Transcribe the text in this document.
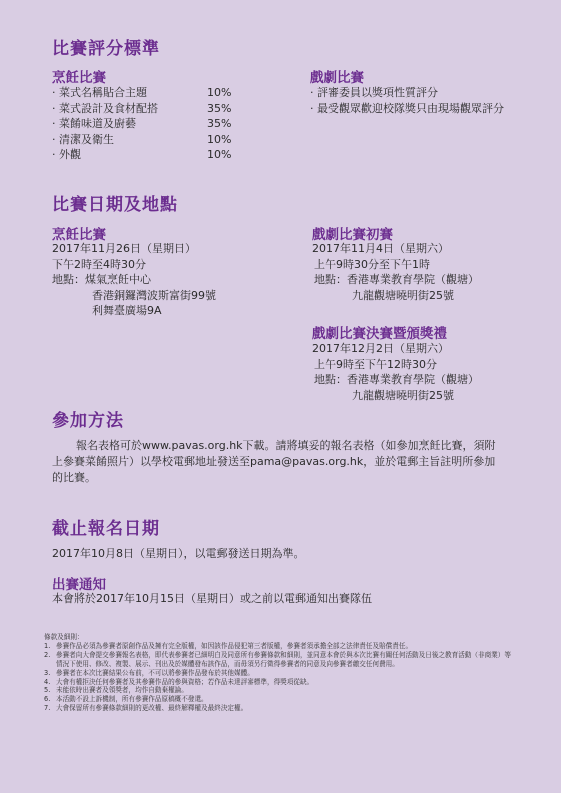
比賽評分標準
烹飪比賽
· 菜式名稱貼合主題	10%
· 菜式設計及食材配搭	35%
· 菜餚味道及廚藝	35%
· 清潔及衛生	10%
· 外觀	10%
戲劇比賽
· 評審委員以獎項性質評分
· 最受觀眾歡迎校隊獎只由現場觀眾評分
比賽日期及地點
烹飪比賽
2017年11月26日（星期日）
下午2時至4時30分
地點：煤氣烹飪中心
香港銅鑼灣波斯富街99號
利舞臺廣場9A
戲劇比賽初賽
2017年11月4日（星期六）
上午9時30分至下午1時
地點：香港專業教育學院（觀塘）
九龍觀塘曉明街25號
戲劇比賽決賽暨頒獎禮
2017年12月2日（星期六）
上午9時至下午12時30分
地點：香港專業教育學院（觀塘）
九龍觀塘曉明街25號
參加方法
報名表格可於www.pavas.org.hk下載。請將填妥的報名表格（如參加烹飪比賽，須附上參賽菜餚照片）以學校電郵地址發送至pama@pavas.org.hk，並於電郵主旨註明所參加的比賽。
截止報名日期
2017年10月8日（星期日），以電郵發送日期為準。
出賽通知
本會將於2017年10月15日（星期日）或之前以電郵通知出賽隊伍
條款及細則：
1. 參賽作品必須為參賽者原創作品及擁有完全版權，如因該作品侵犯第三者版權，參賽者須承擔全部之法律責任及賠償責任。
2. 參賽者向大會提交參賽報名表格，即代表參賽者已細明白及同意所有參賽條款和細則，並同意本會於與本次比賽有關任何活動及日後之教育活動（非商業）等情況下使用、修改、複製、展示、刊出及於媒體發布該作品，而毋須另行徵得參賽者的同意及向參賽者繳交任何費用。
3. 參賽者在本次比賽結果公布前，不可以將參賽作品發布於其他媒體。
4. 大會有權拒決任何參賽者及其參賽作品的參與資格；若作品未達評審標準，得獎項從缺。
5. 未能依時出賽者及領獎者，均作自動棄權論。
6. 本活動不設上訴機制，所有參賽作品原稿概不發還。
7. 大會保留所有參賽條款細則的更改權、最終解釋權及最終決定權。
